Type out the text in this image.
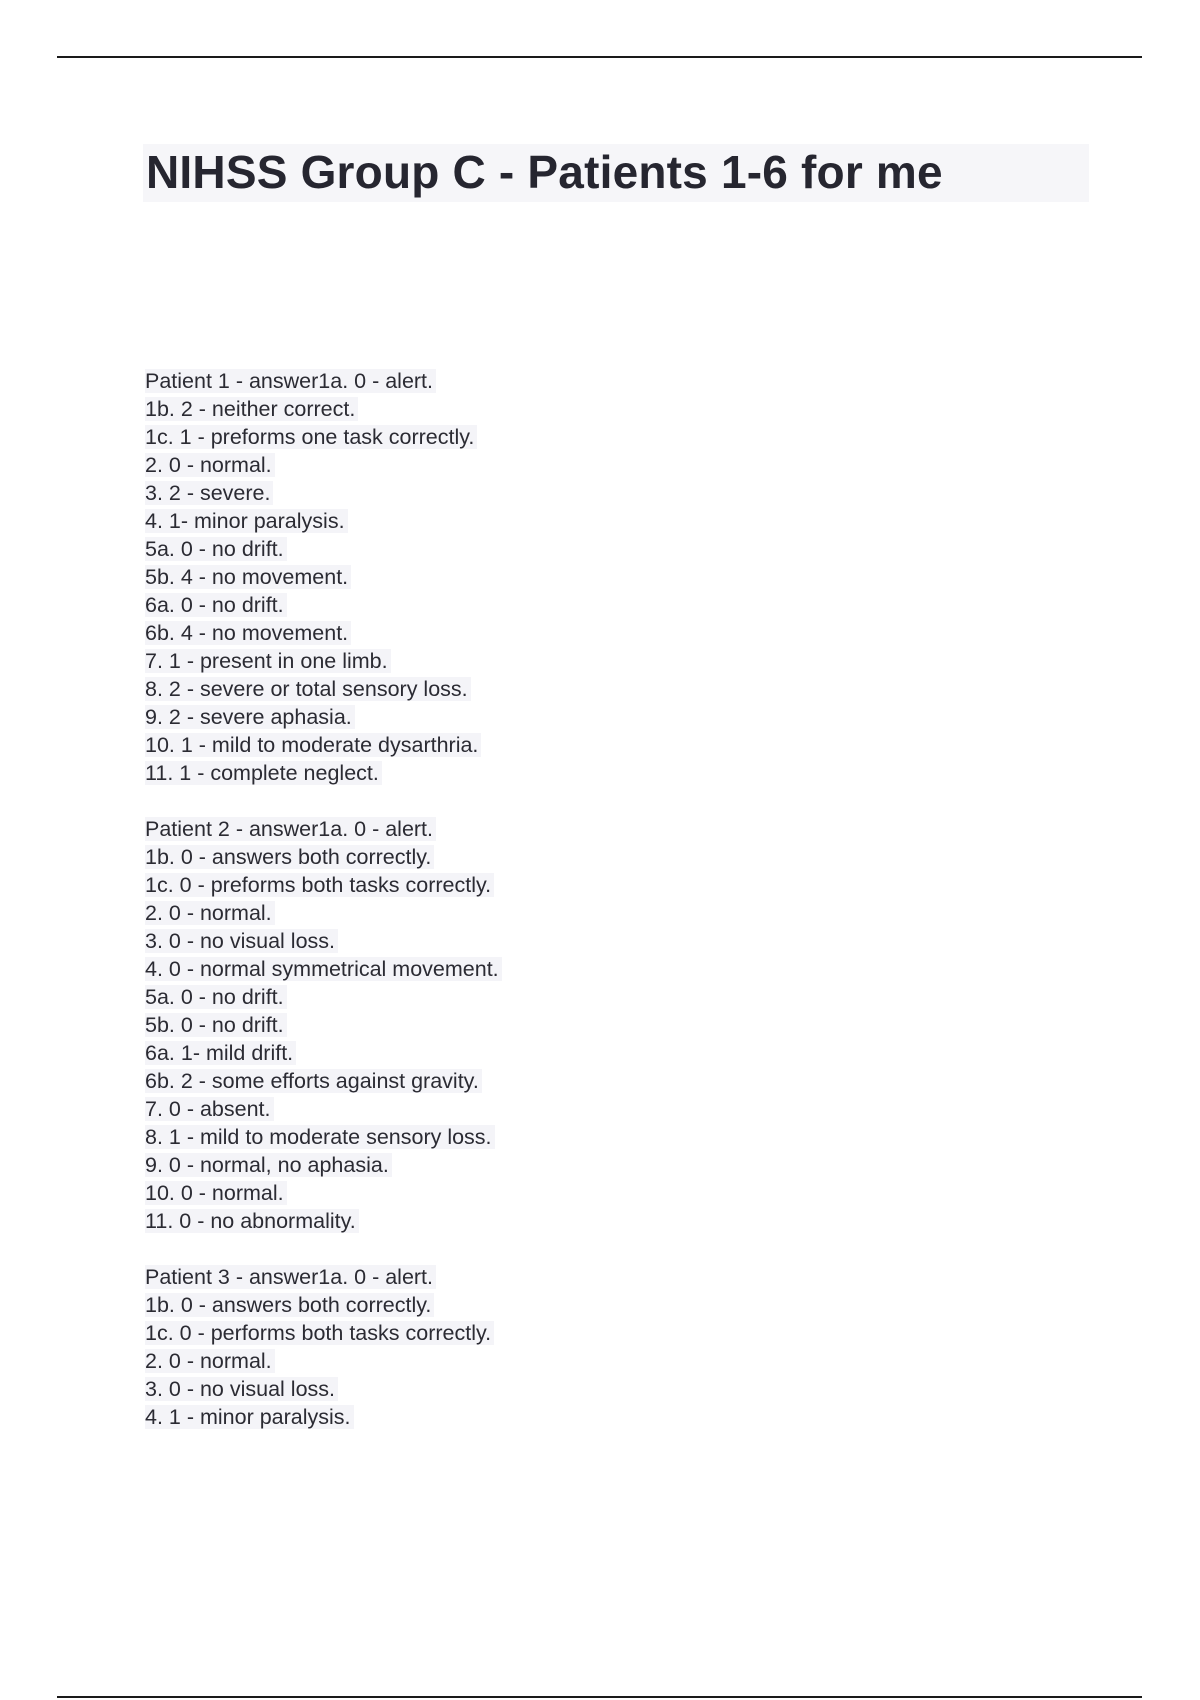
NIHSS Group C - Patients 1-6 for me
Patient 1 - answer1a. 0 - alert.
1b. 2 - neither correct.
1c. 1 - preforms one task correctly.
2. 0 - normal.
3. 2 - severe.
4. 1- minor paralysis.
5a. 0 - no drift.
5b. 4 - no movement.
6a. 0 - no drift.
6b. 4 - no movement.
7. 1 - present in one limb.
8. 2 - severe or total sensory loss.
9. 2 - severe aphasia.
10. 1 - mild to moderate dysarthria.
11. 1 - complete neglect.
Patient 2 - answer1a. 0 - alert.
1b. 0 - answers both correctly.
1c. 0 - preforms both tasks correctly.
2. 0 - normal.
3. 0 - no visual loss.
4. 0 - normal symmetrical movement.
5a. 0 - no drift.
5b. 0 - no drift.
6a. 1- mild drift.
6b. 2 - some efforts against gravity.
7. 0 - absent.
8. 1 - mild to moderate sensory loss.
9. 0 - normal, no aphasia.
10. 0 - normal.
11. 0 - no abnormality.
Patient 3 - answer1a. 0 - alert.
1b. 0 - answers both correctly.
1c. 0 - performs both tasks correctly.
2. 0 - normal.
3. 0 - no visual loss.
4. 1 - minor paralysis.
